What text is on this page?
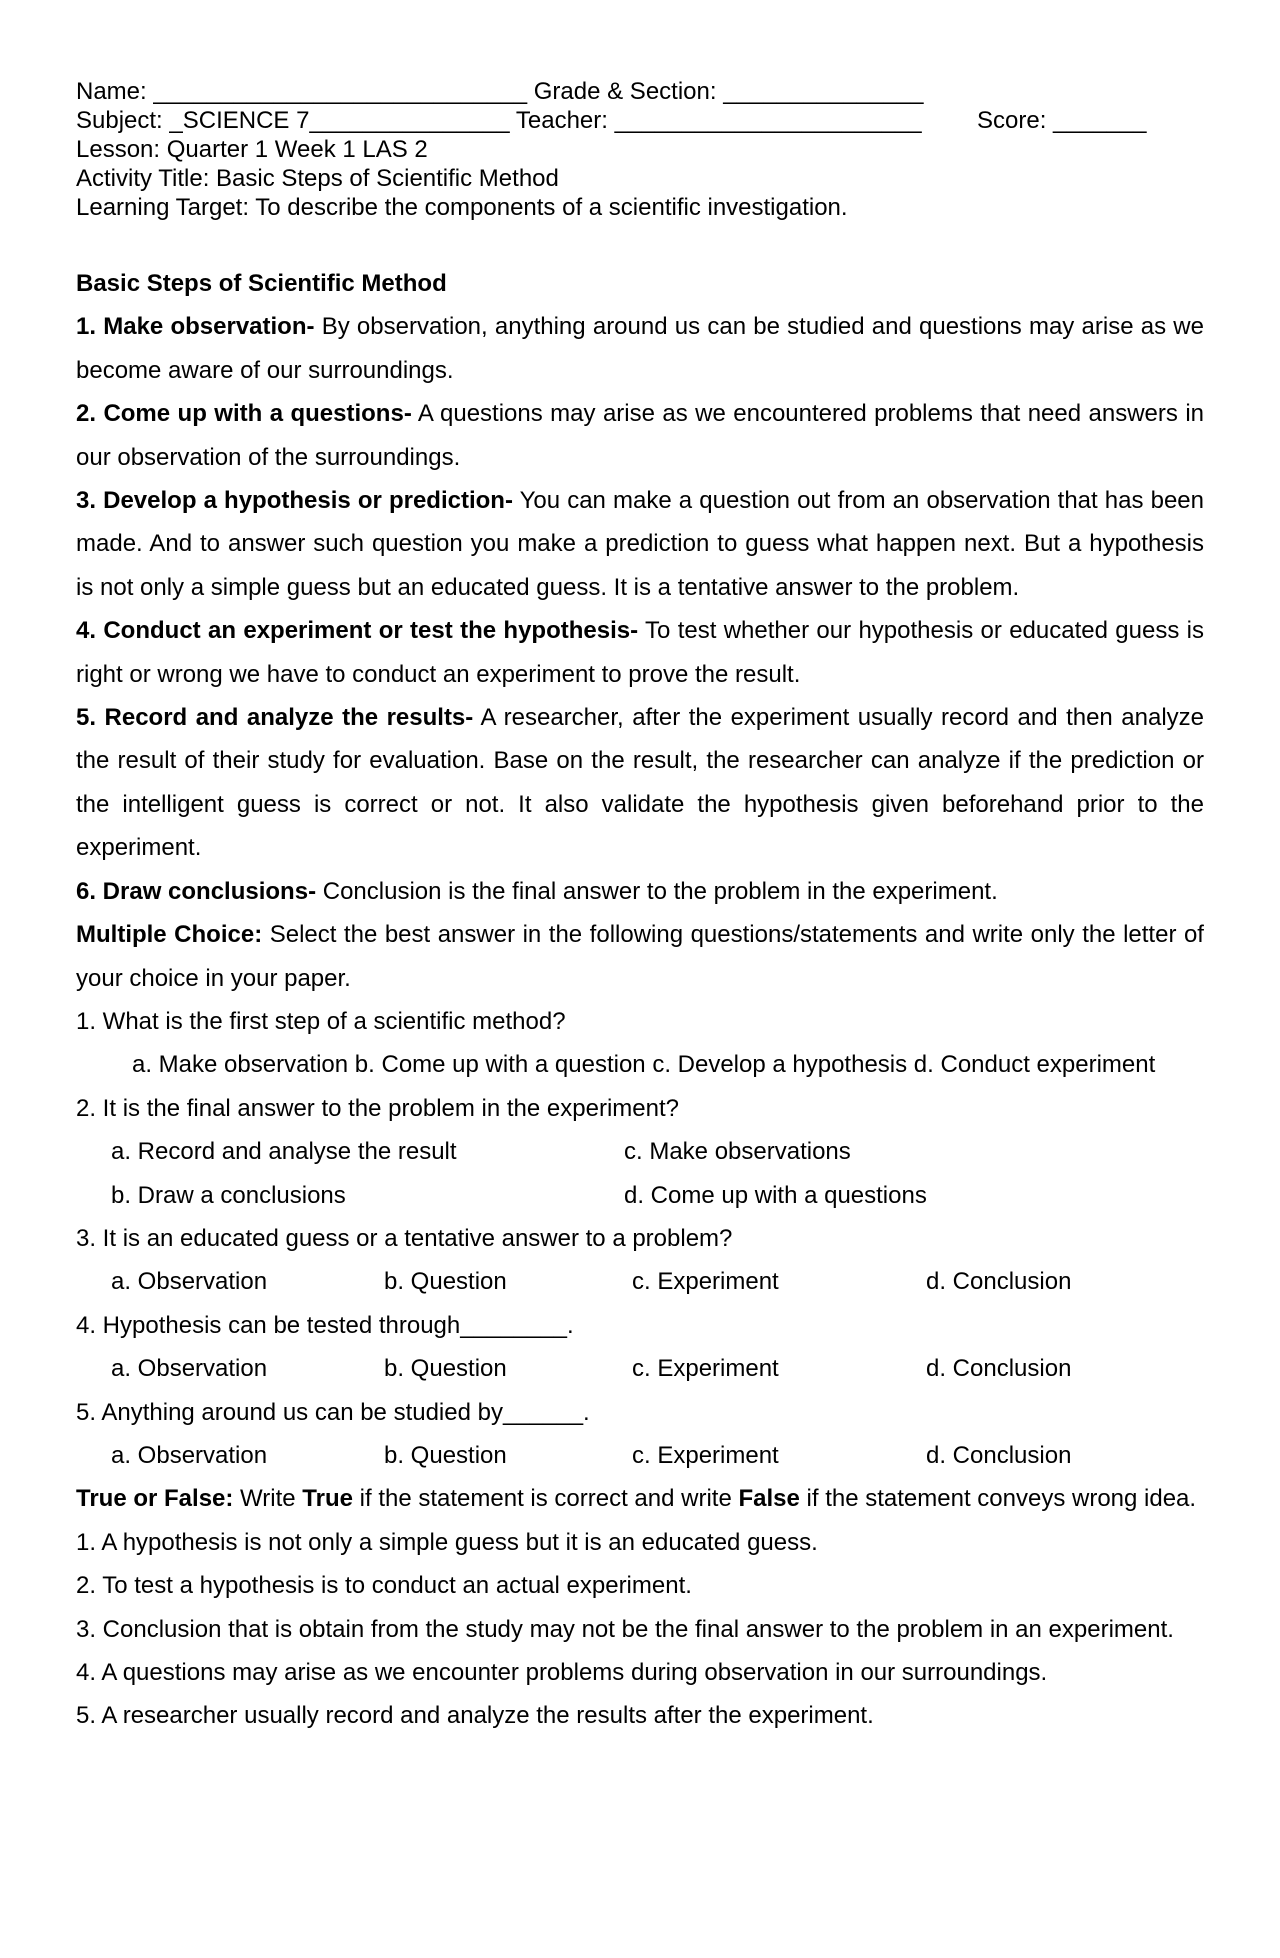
Name: ____________________________ Grade & Section: _______________
Subject: _SCIENCE 7_______________ Teacher: _______________________	Score: _______
Lesson: Quarter 1 Week 1 LAS 2
Activity Title: Basic Steps of Scientific Method
Learning Target: To describe the components of a scientific investigation.

Basic Steps of Scientific Method

1. Make observation- By observation, anything around us can be studied and questions may arise as we become aware of our surroundings.

2. Come up with a questions- A questions may arise as we encountered problems that need answers in our observation of the surroundings.

3. Develop a hypothesis or prediction- You can make a question out from an observation that has been made. And to answer such question you make a prediction to guess what happen next. But a hypothesis is not only a simple guess but an educated guess. It is a tentative answer to the problem.

4. Conduct an experiment or test the hypothesis- To test whether our hypothesis or educated guess is right or wrong we have to conduct an experiment to prove the result.

5. Record and analyze the results- A researcher, after the experiment usually record and then analyze the result of their study for evaluation. Base on the result, the researcher can analyze if the prediction or the intelligent guess is correct or not. It also validate the hypothesis given beforehand prior to the experiment.

6. Draw conclusions- Conclusion is the final answer to the problem in the experiment.

Multiple Choice: Select the best answer in the following questions/statements and write only the letter of your choice in your paper.

1. What is the first step of a scientific method?

a. Make observation b. Come up with a question c. Develop a hypothesis d. Conduct experiment

2. It is the final answer to the problem in the experiment?

a. Record and analyse the result	c. Make observations
b. Draw a conclusions	d. Come up with a questions

3. It is an educated guess or a tentative answer to a problem?

a. Observation	b. Question	c. Experiment	d. Conclusion

4. Hypothesis can be tested through________.

a. Observation	b. Question	c. Experiment	d. Conclusion

5. Anything around us can be studied by______.

a. Observation	b. Question	c. Experiment	d. Conclusion

True or False: Write True if the statement is correct and write False if the statement conveys wrong idea.

1. A hypothesis is not only a simple guess but it is an educated guess.

2. To test a hypothesis is to conduct an actual experiment.

3. Conclusion that is obtain from the study may not be the final answer to the problem in an experiment.

4. A questions may arise as we encounter problems during observation in our surroundings.

5. A researcher usually record and analyze the results after the experiment.
